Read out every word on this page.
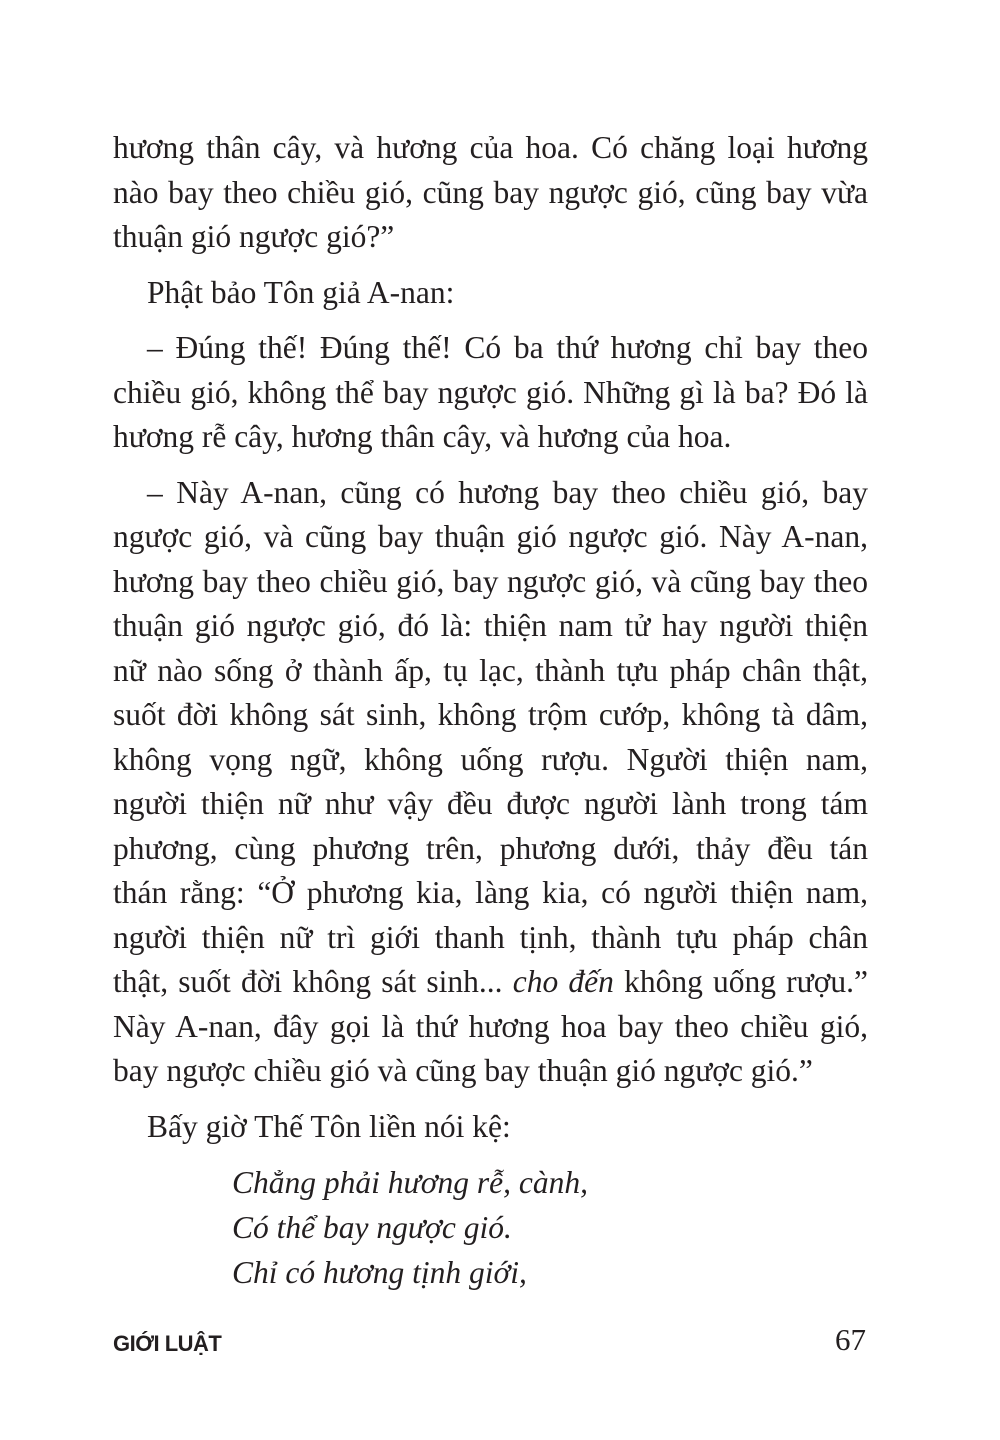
hương thân cây, và hương của hoa. Có chăng loại hương
nào bay theo chiều gió, cũng bay ngược gió, cũng bay vừa
thuận gió ngược gió?”

Phật bảo Tôn giả A-nan:

– Đúng thế! Đúng thế! Có ba thứ hương chỉ bay theo
chiều gió, không thể bay ngược gió. Những gì là ba? Đó là
hương rễ cây, hương thân cây, và hương của hoa.

– Này A-nan, cũng có hương bay theo chiều gió, bay
ngược gió, và cũng bay thuận gió ngược gió. Này A-nan,
hương bay theo chiều gió, bay ngược gió, và cũng bay theo
thuận gió ngược gió, đó là: thiện nam tử hay người thiện
nữ nào sống ở thành ấp, tụ lạc, thành tựu pháp chân thật,
suốt đời không sát sinh, không trộm cướp, không tà dâm,
không vọng ngữ, không uống rượu. Người thiện nam,
người thiện nữ như vậy đều được người lành trong tám
phương, cùng phương trên, phương dưới, thảy đều tán
thán rằng: “Ở phương kia, làng kia, có người thiện nam,
người thiện nữ trì giới thanh tịnh, thành tựu pháp chân
thật, suốt đời không sát sinh... cho đến không uống rượu.”
Này A-nan, đây gọi là thứ hương hoa bay theo chiều gió,
bay ngược chiều gió và cũng bay thuận gió ngược gió.”

Bấy giờ Thế Tôn liền nói kệ:

Chẳng phải hương rễ, cành,
Có thể bay ngược gió.
Chỉ có hương tịnh giới,
GIỚI LUẬT	67
